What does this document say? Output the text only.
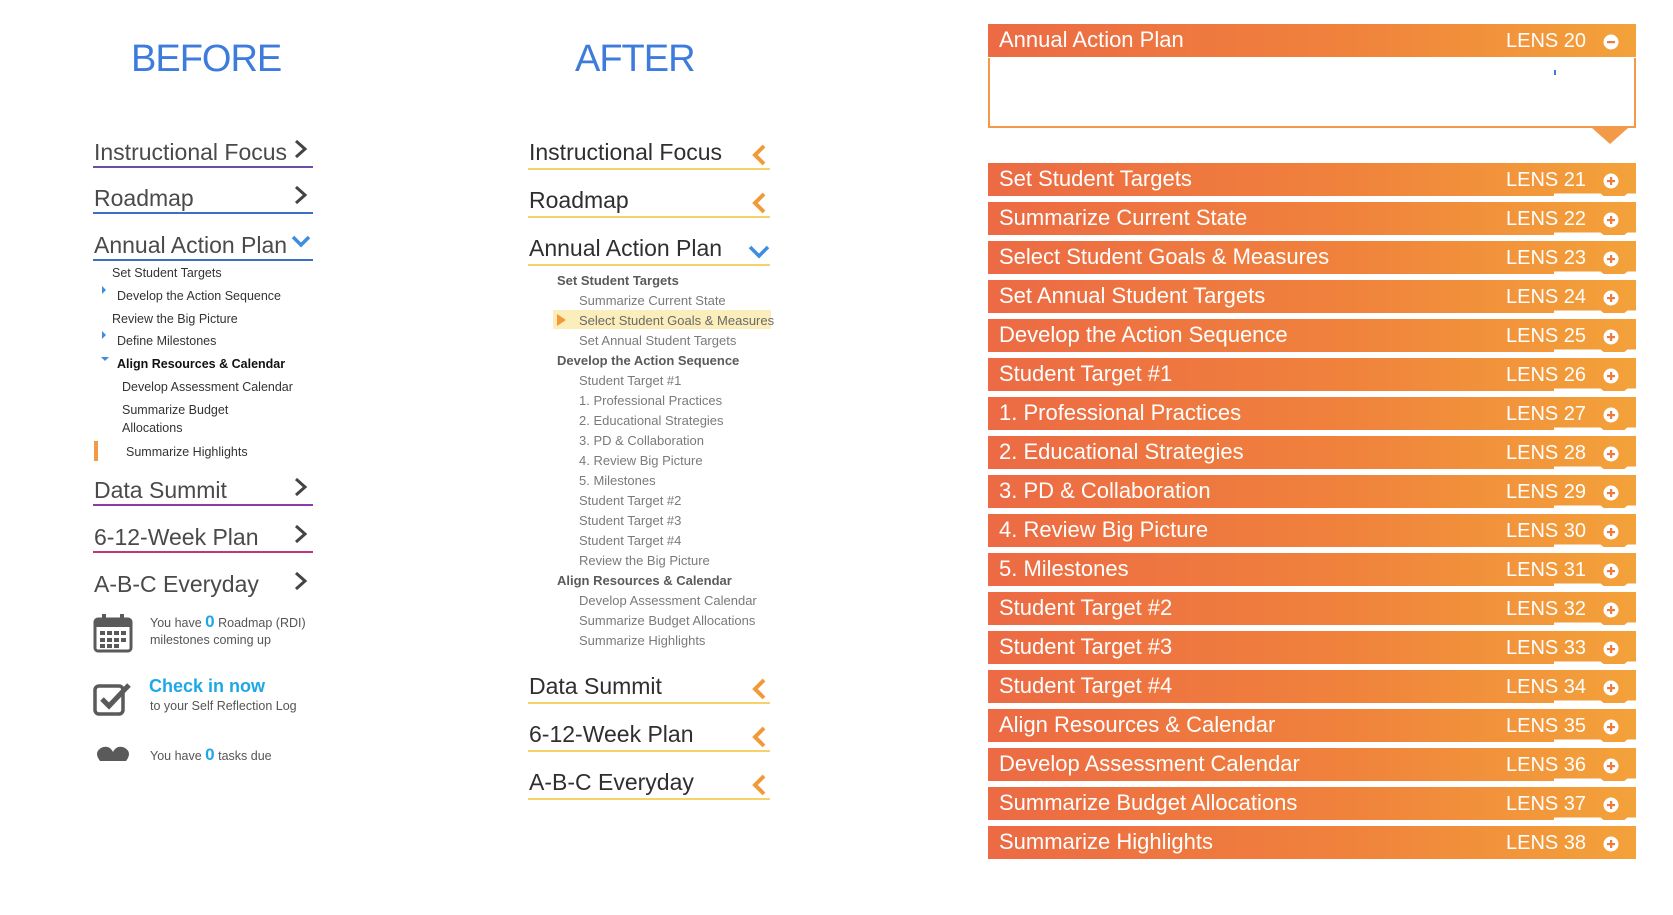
BEFORE	AFTER
Instructional Focus
Roadmap
Annual Action Plan
Set Student Targets
Develop the Action Sequence
Review the Big Picture
Define Milestones
Align Resources & Calendar
Develop Assessment Calendar
Summarize Budget
Allocations
Summarize Highlights
Data Summit
6-12-Week Plan
A-B-C Everyday
You have 0 Roadmap (RDI)
milestones coming up
Check in now
to your Self Reflection Log
You have 0 tasks due
Instructional Focus
Roadmap
Annual Action Plan
Set Student Targets
Summarize Current State
Select Student Goals & Measures
Set Annual Student Targets
Develop the Action Sequence
Student Target #1
1. Professional Practices
2. Educational Strategies
3. PD & Collaboration
4. Review Big Picture
5. Milestones
Student Target #2
Student Target #3
Student Target #4
Review the Big Picture
Align Resources & Calendar
Develop Assessment Calendar
Summarize Budget Allocations
Summarize Highlights
Data Summit
6-12-Week Plan
A-B-C Everyday
Annual Action Plan	LENS 20
Set Student Targets	LENS 21
Summarize Current State	LENS 22
Select Student Goals & Measures	LENS 23
Set Annual Student Targets	LENS 24
Develop the Action Sequence	LENS 25
Student Target #1	LENS 26
1. Professional Practices	LENS 27
2. Educational Strategies	LENS 28
3. PD & Collaboration	LENS 29
4. Review Big Picture	LENS 30
5. Milestones	LENS 31
Student Target #2	LENS 32
Student Target #3	LENS 33
Student Target #4	LENS 34
Align Resources & Calendar	LENS 35
Develop Assessment Calendar	LENS 36
Summarize Budget Allocations	LENS 37
Summarize Highlights	LENS 38
